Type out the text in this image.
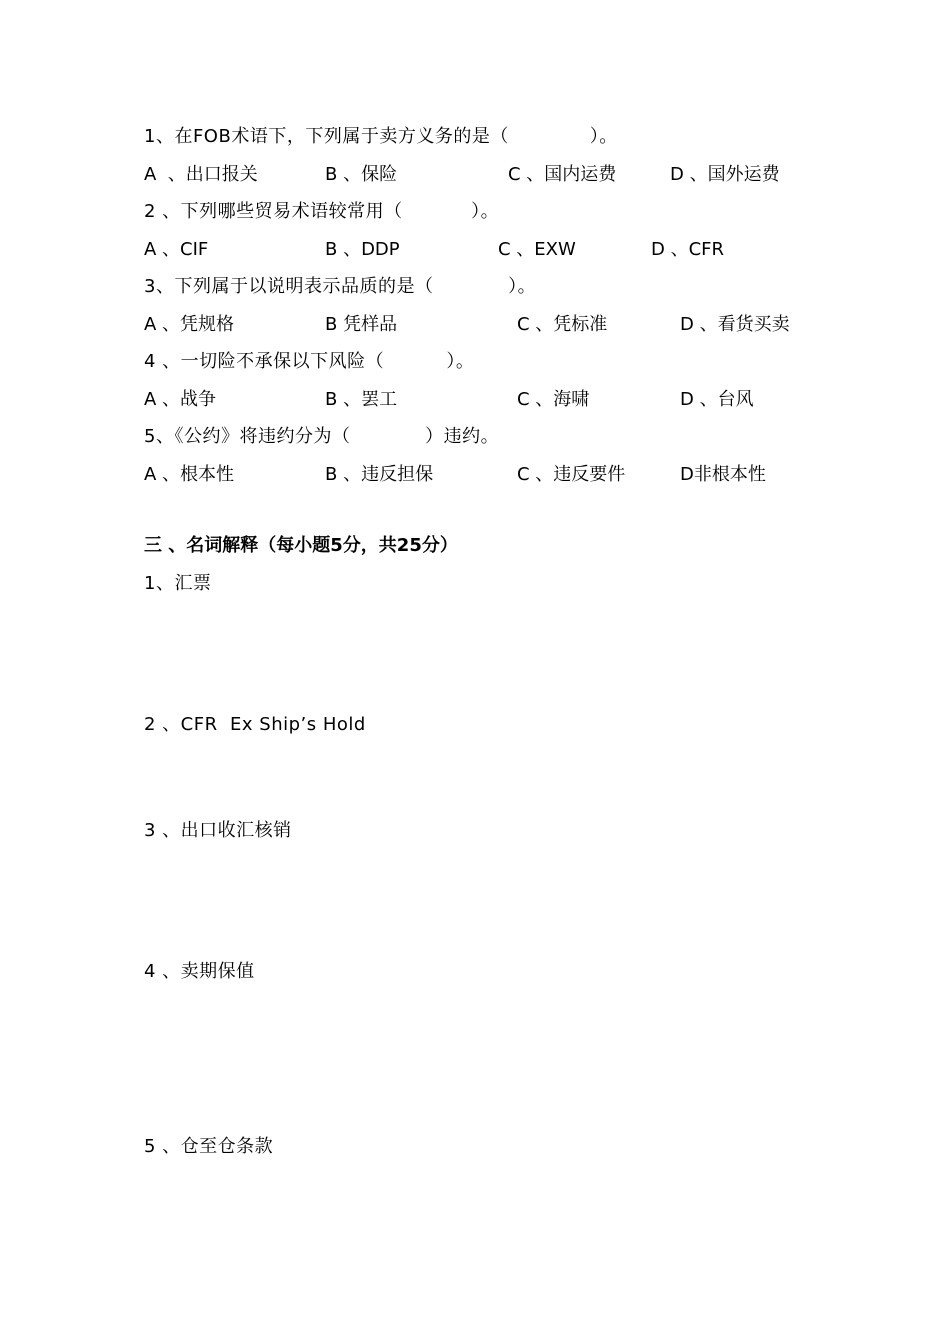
1、在FOB术语下，下列属于卖方义务的是（             ）。
A  、出口报关	B 、保险	C 、国内运费	D 、国外运费
2 、下列哪些贸易术语较常用（           ）。
A 、CIF	B 、DDP	C 、EXW	D 、CFR
3、下列属于以说明表示品质的是（            ）。
A 、凭规格	B 凭样品	C 、凭标准	D 、看货买卖
4 、一切险不承保以下风险（          ）。
A 、战争	B 、罢工	C 、海啸	D 、台风
5、《公约》将违约分为（            ）违约。
A 、根本性	B 、违反担保	C 、违反要件	D非根本性
三 、名词解释（每小题5分，共25分）
1、汇票
2 、CFR  Ex Ship’s Hold
3 、出口收汇核销
4 、卖期保值
5 、仓至仓条款
